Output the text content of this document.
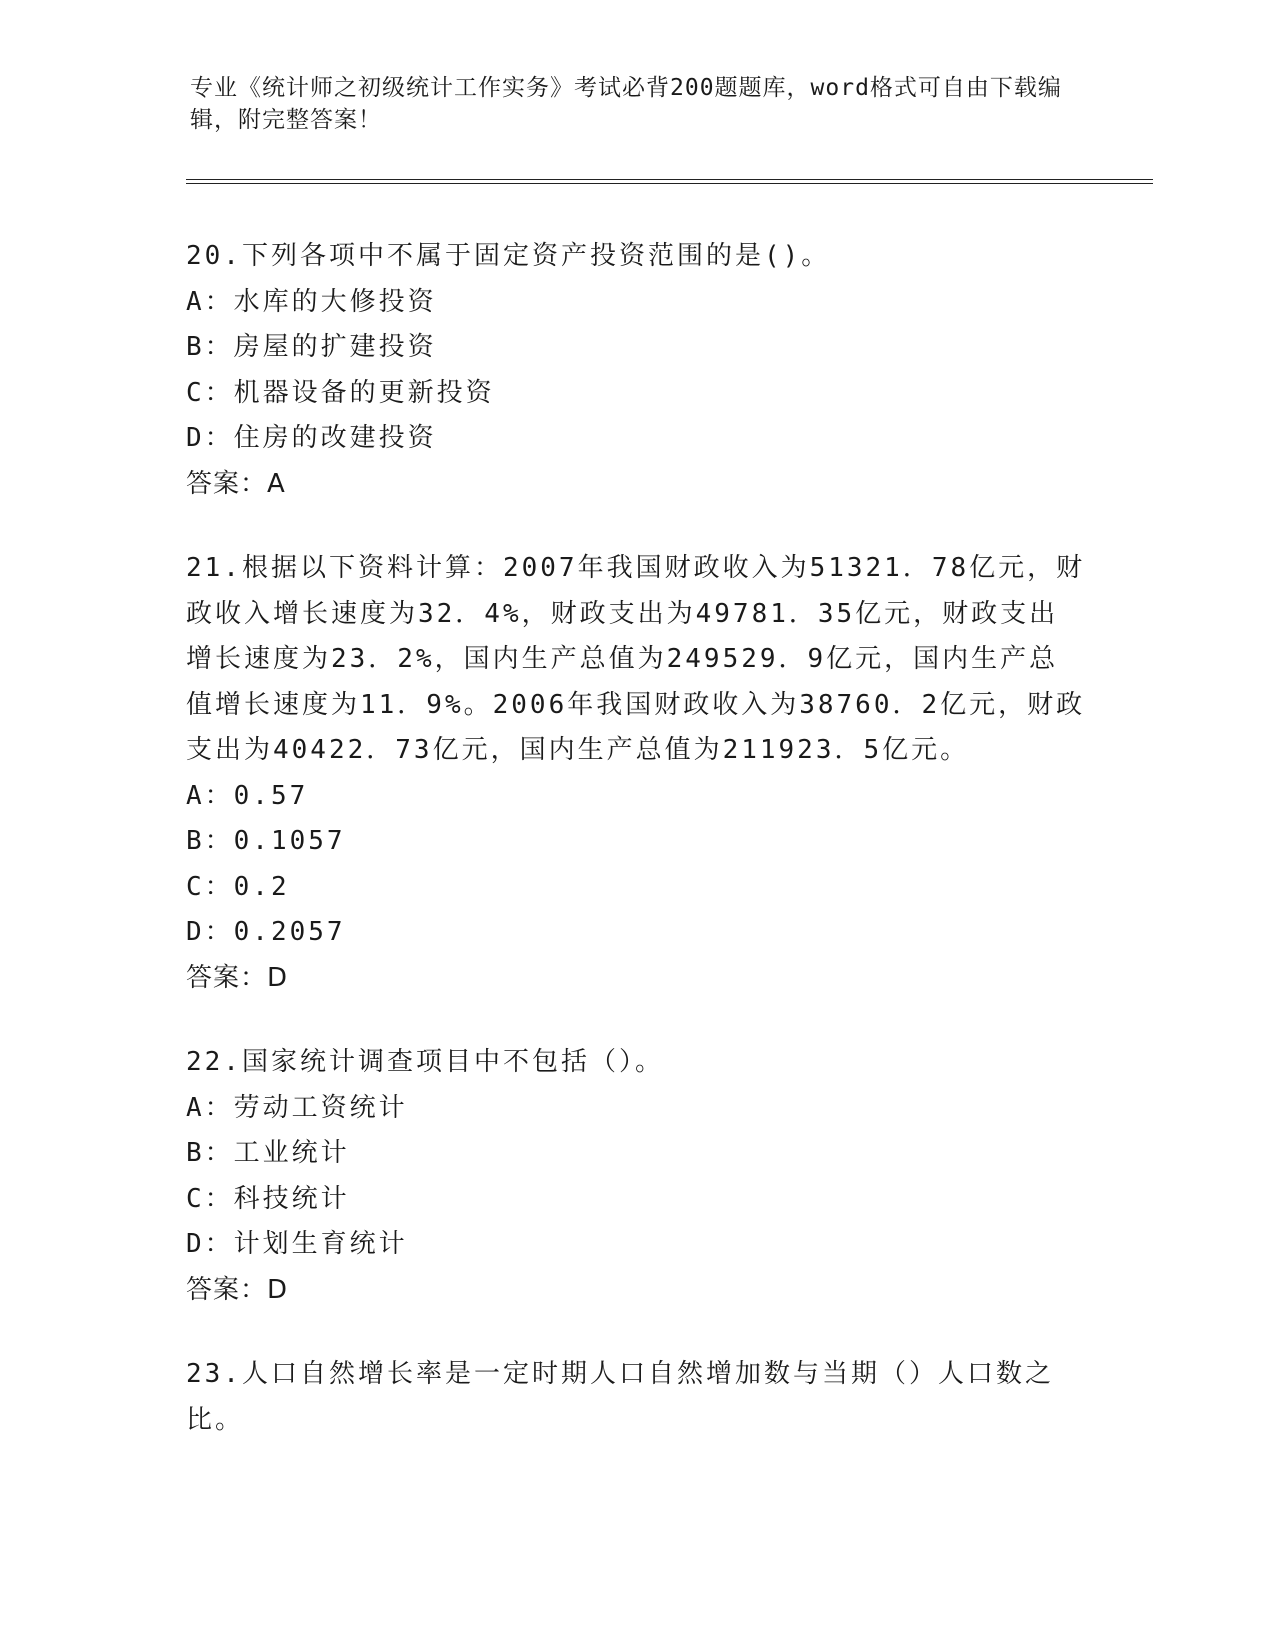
专业《统计师之初级统计工作实务》考试必背200题题库，word格式可自由下载编辑，附完整答案！
20.下列各项中不属于固定资产投资范围的是()。
A：水库的大修投资
B：房屋的扩建投资
C：机器设备的更新投资
D：住房的改建投资
答案：A
21.根据以下资料计算：2007年我国财政收入为51321．78亿元，财政收入增长速度为32．4%，财政支出为49781．35亿元，财政支出增长速度为23．2%，国内生产总值为249529．9亿元，国内生产总值增长速度为11．9%。2006年我国财政收入为38760．2亿元，财政支出为40422．73亿元，国内生产总值为211923．5亿元。
A：0.57
B：0.1057
C：0.2
D：0.2057
答案：D
22.国家统计调查项目中不包括（）。
A：劳动工资统计
B：工业统计
C：科技统计
D：计划生育统计
答案：D
23.人口自然增长率是一定时期人口自然增加数与当期（）人口数之比。
